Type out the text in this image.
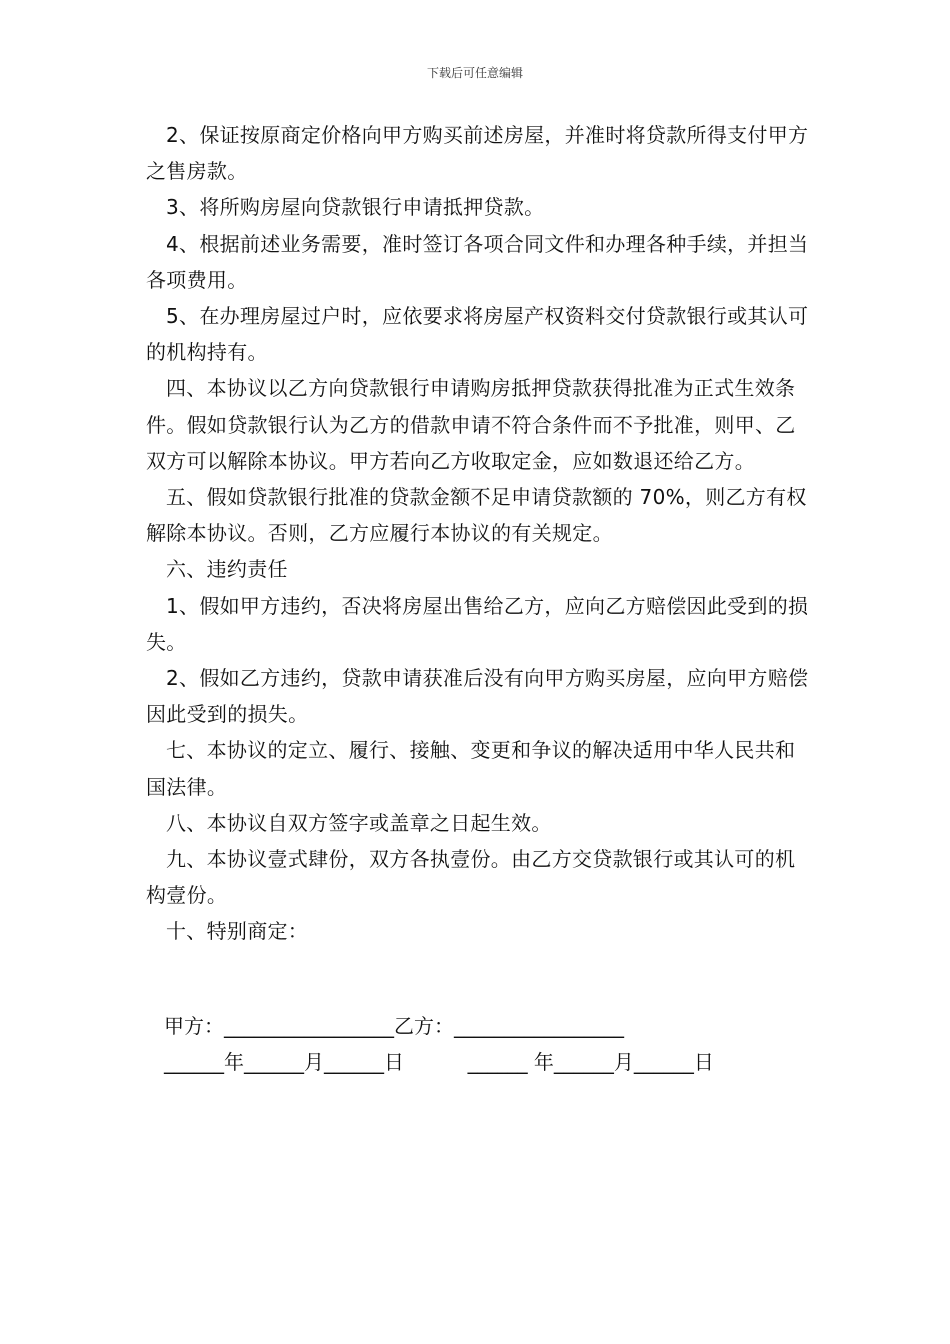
下载后可任意编辑

2、保证按原商定价格向甲方购买前述房屋，并准时将贷款所得支付甲方之售房款。

3、将所购房屋向贷款银行申请抵押贷款。

4、根据前述业务需要，准时签订各项合同文件和办理各种手续，并担当各项费用。

5、在办理房屋过户时，应依要求将房屋产权资料交付贷款银行或其认可的机构持有。

四、本协议以乙方向贷款银行申请购房抵押贷款获得批准为正式生效条件。假如贷款银行认为乙方的借款申请不符合条件而不予批准，则甲、乙双方可以解除本协议。甲方若向乙方收取定金，应如数退还给乙方。

五、假如贷款银行批准的贷款金额不足申请贷款额的 70%，则乙方有权解除本协议。否则，乙方应履行本协议的有关规定。

六、违约责任

1、假如甲方违约，否决将房屋出售给乙方，应向乙方赔偿因此受到的损失。

2、假如乙方违约，贷款申请获准后没有向甲方购买房屋，应向甲方赔偿因此受到的损失。

七、本协议的定立、履行、接触、变更和争议的解决适用中华人民共和国法律。

八、本协议自双方签字或盖章之日起生效。

九、本协议壹式肆份，双方各执壹份。由乙方交贷款银行或其认可的机构壹份。

十、特别商定：

甲方：_________________乙方：_________________
______年______月______日          ______ 年______月______日
